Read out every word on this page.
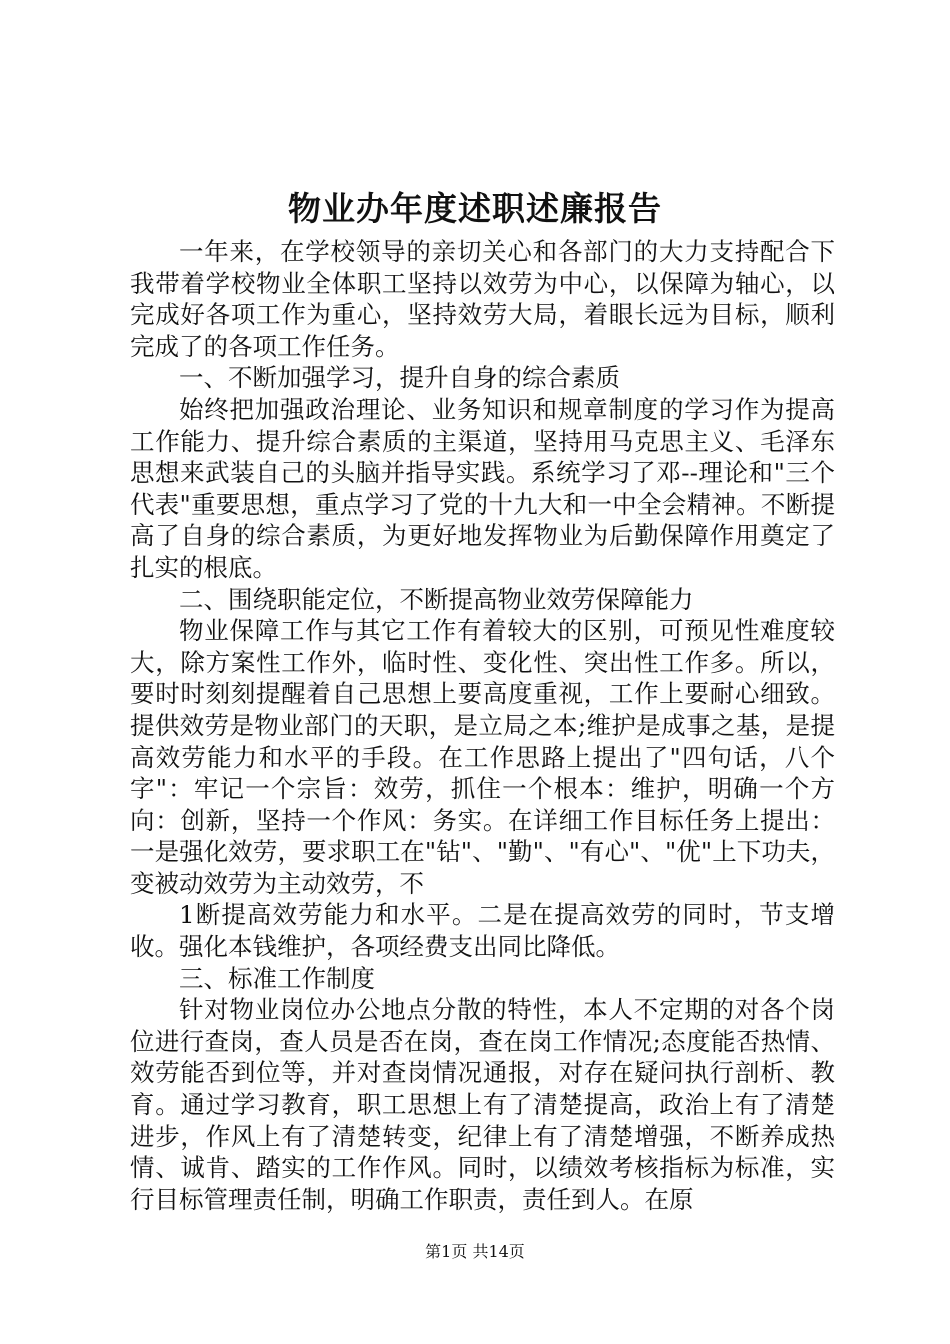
物业办年度述职述廉报告

一年来，在学校领导的亲切关心和各部门的大力支持配合下我带着学校物业全体职工坚持以效劳为中心，以保障为轴心，以完成好各项工作为重心，坚持效劳大局，着眼长远为目标，顺利完成了的各项工作任务。

一、不断加强学习，提升自身的综合素质

始终把加强政治理论、业务知识和规章制度的学习作为提高工作能力、提升综合素质的主渠道，坚持用马克思主义、毛泽东思想来武装自己的头脑并指导实践。系统学习了邓--理论和"三个代表"重要思想，重点学习了党的十九大和一中全会精神。不断提高了自身的综合素质，为更好地发挥物业为后勤保障作用奠定了扎实的根底。

二、围绕职能定位，不断提高物业效劳保障能力

物业保障工作与其它工作有着较大的区别，可预见性难度较大，除方案性工作外，临时性、变化性、突出性工作多。所以，要时时刻刻提醒着自己思想上要高度重视，工作上要耐心细致。提供效劳是物业部门的天职，是立局之本;维护是成事之基，是提高效劳能力和水平的手段。在工作思路上提出了"四句话，八个字"：牢记一个宗旨：效劳，抓住一个根本：维护，明确一个方向：创新，坚持一个作风：务实。在详细工作目标任务上提出：一是强化效劳，要求职工在"钻"、"勤"、"有心"、"优"上下功夫，变被动效劳为主动效劳，不

1断提高效劳能力和水平。二是在提高效劳的同时，节支增收。强化本钱维护，各项经费支出同比降低。

三、标准工作制度

针对物业岗位办公地点分散的特性，本人不定期的对各个岗位进行查岗，查人员是否在岗，查在岗工作情况;态度能否热情、效劳能否到位等，并对查岗情况通报，对存在疑问执行剖析、教育。通过学习教育，职工思想上有了清楚提高，政治上有了清楚进步，作风上有了清楚转变，纪律上有了清楚增强，不断养成热情、诚肯、踏实的工作作风。同时，以绩效考核指标为标准，实行目标管理责任制，明确工作职责，责任到人。在原

第1页 共14页
